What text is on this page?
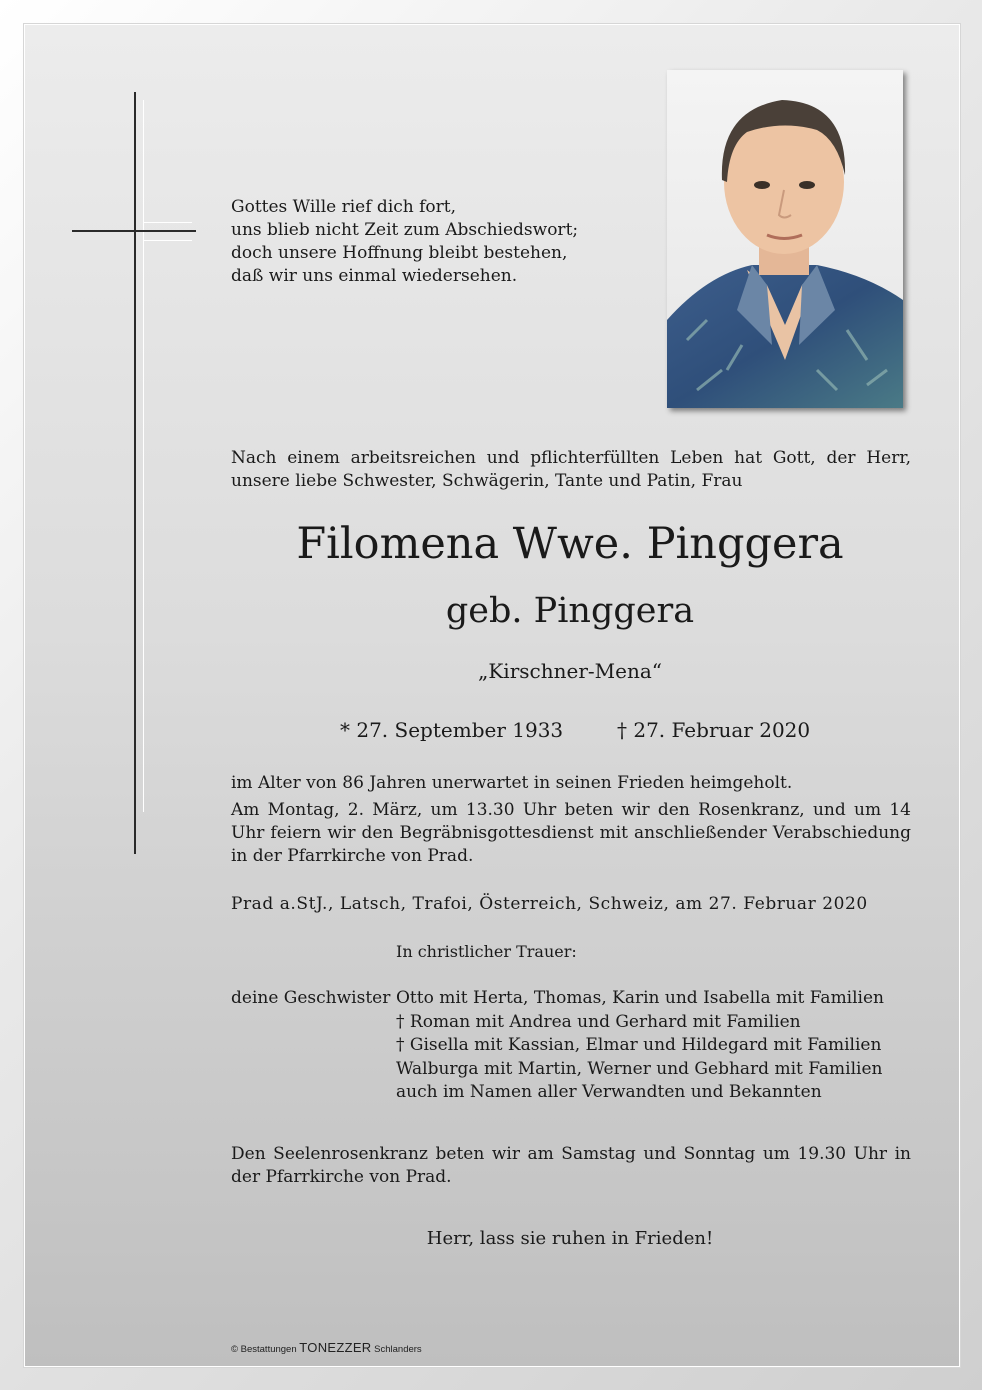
Gottes Wille rief dich fort,
uns blieb nicht Zeit zum Abschiedswort;
doch unsere Hoffnung bleibt bestehen,
daß wir uns einmal wiedersehen.
Nach einem arbeitsreichen und pflichterfüllten Leben hat Gott, der Herr, unsere liebe Schwester, Schwägerin, Tante und Patin, Frau
Filomena Wwe. Pinggera
geb. Pinggera
„Kirschner-Mena“
* 27. September 1933	† 27. Februar 2020
im Alter von 86 Jahren unerwartet in seinen Frieden heimgeholt.
Am Montag, 2. März, um 13.30 Uhr beten wir den Rosenkranz, und um 14 Uhr feiern wir den Begräbnisgottesdienst mit anschließender Verabschiedung in der Pfarrkirche von Prad.
Prad a.StJ., Latsch, Trafoi, Österreich, Schweiz, am 27. Februar 2020
In christlicher Trauer:
deine Geschwister Otto mit Herta, Thomas, Karin und Isabella mit Familien
† Roman mit Andrea und Gerhard mit Familien
† Gisella mit Kassian, Elmar und Hildegard mit Familien
Walburga mit Martin, Werner und Gebhard mit Familien
auch im Namen aller Verwandten und Bekannten
Den Seelenrosenkranz beten wir am Samstag und Sonntag um 19.30 Uhr in der Pfarrkirche von Prad.
Herr, lass sie ruhen in Frieden!
© Bestattungen TONEZZER Schlanders
